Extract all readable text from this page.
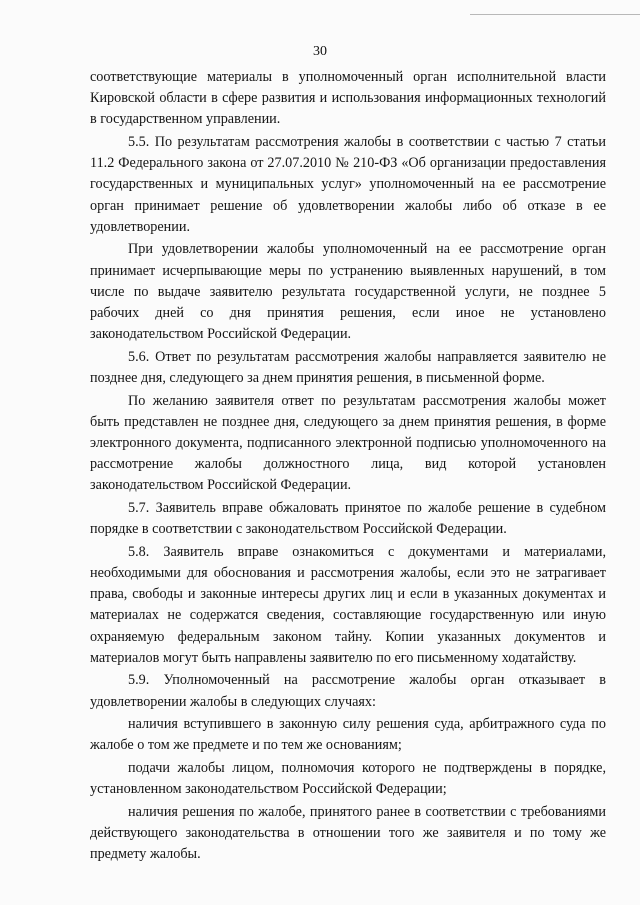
30

соответствующие материалы в уполномоченный орган исполнительной власти Кировской области в сфере развития и использования информационных технологий в государственном управлении.

5.5. По результатам рассмотрения жалобы в соответствии с частью 7 статьи 11.2 Федерального закона от 27.07.2010 № 210-ФЗ «Об организации предоставления государственных и муниципальных услуг» уполномоченный на ее рассмотрение орган принимает решение об удовлетворении жалобы либо об отказе в ее удовлетворении.

При удовлетворении жалобы уполномоченный на ее рассмотрение орган принимает исчерпывающие меры по устранению выявленных нарушений, в том числе по выдаче заявителю результата государственной услуги, не позднее 5 рабочих дней со дня принятия решения, если иное не установлено законодательством Российской Федерации.

5.6. Ответ по результатам рассмотрения жалобы направляется заявителю не позднее дня, следующего за днем принятия решения, в письменной форме.

По желанию заявителя ответ по результатам рассмотрения жалобы может быть представлен не позднее дня, следующего за днем принятия решения, в форме электронного документа, подписанного электронной подписью уполномоченного на рассмотрение жалобы должностного лица, вид которой установлен законодательством Российской Федерации.

5.7. Заявитель вправе обжаловать принятое по жалобе решение в судебном порядке в соответствии с законодательством Российской Федерации.

5.8. Заявитель вправе ознакомиться с документами и материалами, необходимыми для обоснования и рассмотрения жалобы, если это не затрагивает права, свободы и законные интересы других лиц и если в указанных документах и материалах не содержатся сведения, составляющие государственную или иную охраняемую федеральным законом тайну. Копии указанных документов и материалов могут быть направлены заявителю по его письменному ходатайству.

5.9. Уполномоченный на рассмотрение жалобы орган отказывает в удовлетворении жалобы в следующих случаях:

наличия вступившего в законную силу решения суда, арбитражного суда по жалобе о том же предмете и по тем же основаниям;

подачи жалобы лицом, полномочия которого не подтверждены в порядке, установленном законодательством Российской Федерации;

наличия решения по жалобе, принятого ранее в соответствии с требованиями действующего законодательства в отношении того же заявителя и по тому же предмету жалобы.
